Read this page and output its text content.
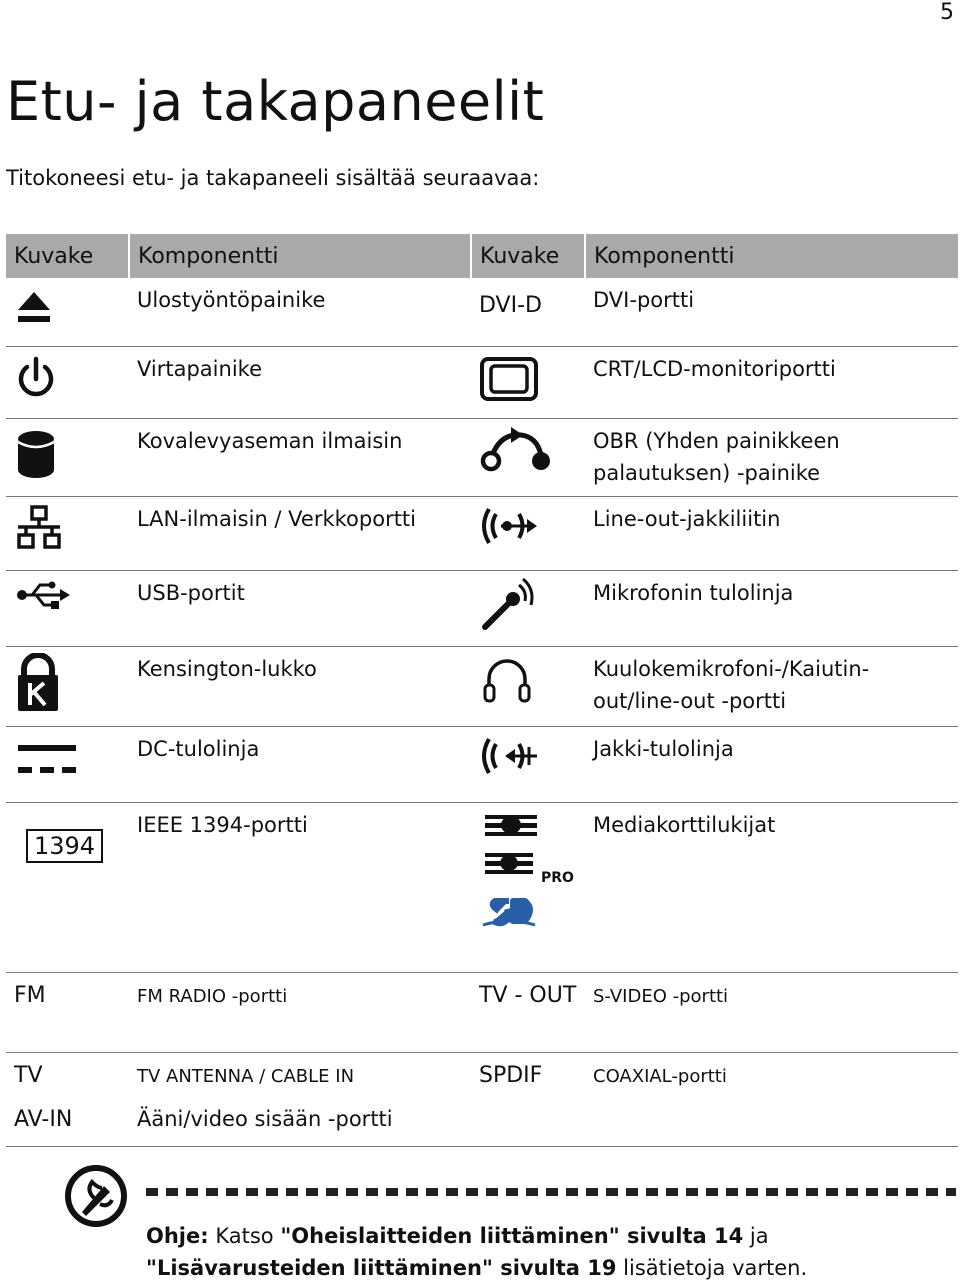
5
Etu- ja takapaneelit
Titokoneesi etu- ja takapaneeli sisältää seuraavaa:
Kuvake	Komponentti	Kuvake	Komponentti

	Ulostyöntöpainike	DVI-D	DVI-portti

	Virtapainike		CRT/LCD-monitoriportti

	Kovalevyaseman ilmaisin		OBR (Yhden painikkeen palautuksen) -painike

	LAN-ilmaisin / Verkkoportti		Line-out-jakkiliitin

	USB-portit		Mikrofonin tulolinja

	Kensington-lukko		Kuulokemikrofoni-/Kaiutin-out/line-out -portti

	DC-tulolinja		Jakki-tulolinja
1394	IEEE 1394-portti	$^{PRO}$	Mediakorttilukijat
FM	FM RADIO -portti	TV - OUT	S-VIDEO -portti
TV	TV ANTENNA / CABLE IN	SPDIF	COAXIAL-portti
AV-IN	Ääni/video sisään -portti		
Ohje: Katso "Oheislaitteiden liittäminen" sivulta 14 ja "Lisävarusteiden liittäminen" sivulta 19 lisätietoja varten.
